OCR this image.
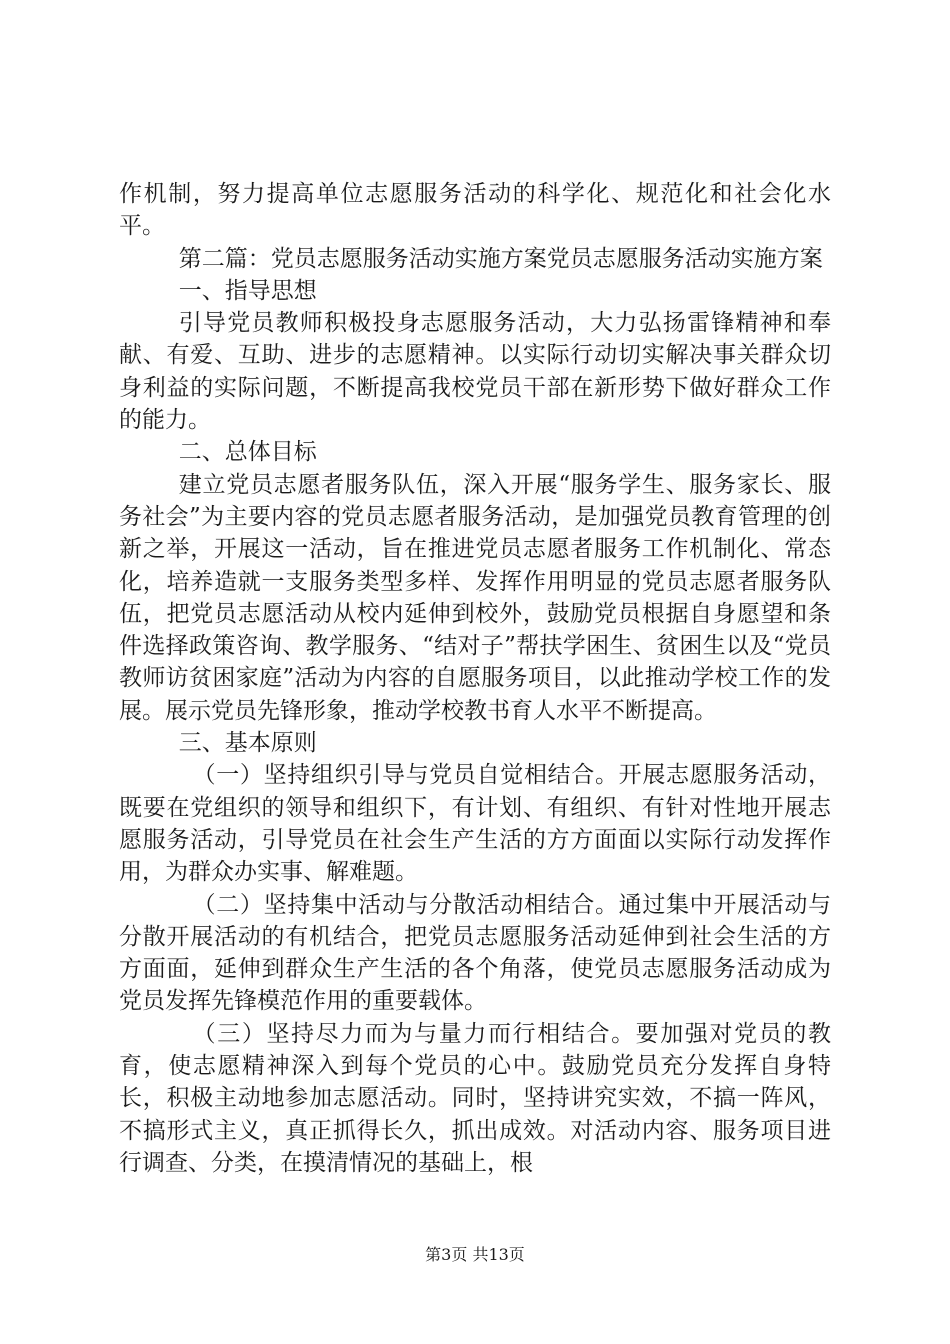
作机制，努力提高单位志愿服务活动的科学化、规范化和社会化水平。

第二篇：党员志愿服务活动实施方案党员志愿服务活动实施方案

一、指导思想

引导党员教师积极投身志愿服务活动，大力弘扬雷锋精神和奉献、有爱、互助、进步的志愿精神。以实际行动切实解决事关群众切身利益的实际问题，不断提高我校党员干部在新形势下做好群众工作的能力。

二、总体目标

建立党员志愿者服务队伍，深入开展“服务学生、服务家长、服务社会”为主要内容的党员志愿者服务活动，是加强党员教育管理的创新之举，开展这一活动，旨在推进党员志愿者服务工作机制化、常态化，培养造就一支服务类型多样、发挥作用明显的党员志愿者服务队伍，把党员志愿活动从校内延伸到校外，鼓励党员根据自身愿望和条件选择政策咨询、教学服务、“结对子”帮扶学困生、贫困生以及“党员教师访贫困家庭”活动为内容的自愿服务项目，以此推动学校工作的发展。展示党员先锋形象，推动学校教书育人水平不断提高。

三、基本原则

（一）坚持组织引导与党员自觉相结合。开展志愿服务活动，既要在党组织的领导和组织下，有计划、有组织、有针对性地开展志愿服务活动，引导党员在社会生产生活的方方面面以实际行动发挥作用，为群众办实事、解难题。

（二）坚持集中活动与分散活动相结合。通过集中开展活动与分散开展活动的有机结合，把党员志愿服务活动延伸到社会生活的方方面面，延伸到群众生产生活的各个角落，使党员志愿服务活动成为党员发挥先锋模范作用的重要载体。

（三）坚持尽力而为与量力而行相结合。要加强对党员的教育，使志愿精神深入到每个党员的心中。鼓励党员充分发挥自身特长，积极主动地参加志愿活动。同时，坚持讲究实效，不搞一阵风，不搞形式主义，真正抓得长久，抓出成效。对活动内容、服务项目进行调查、分类，在摸清情况的基础上，根

第3页 共13页
